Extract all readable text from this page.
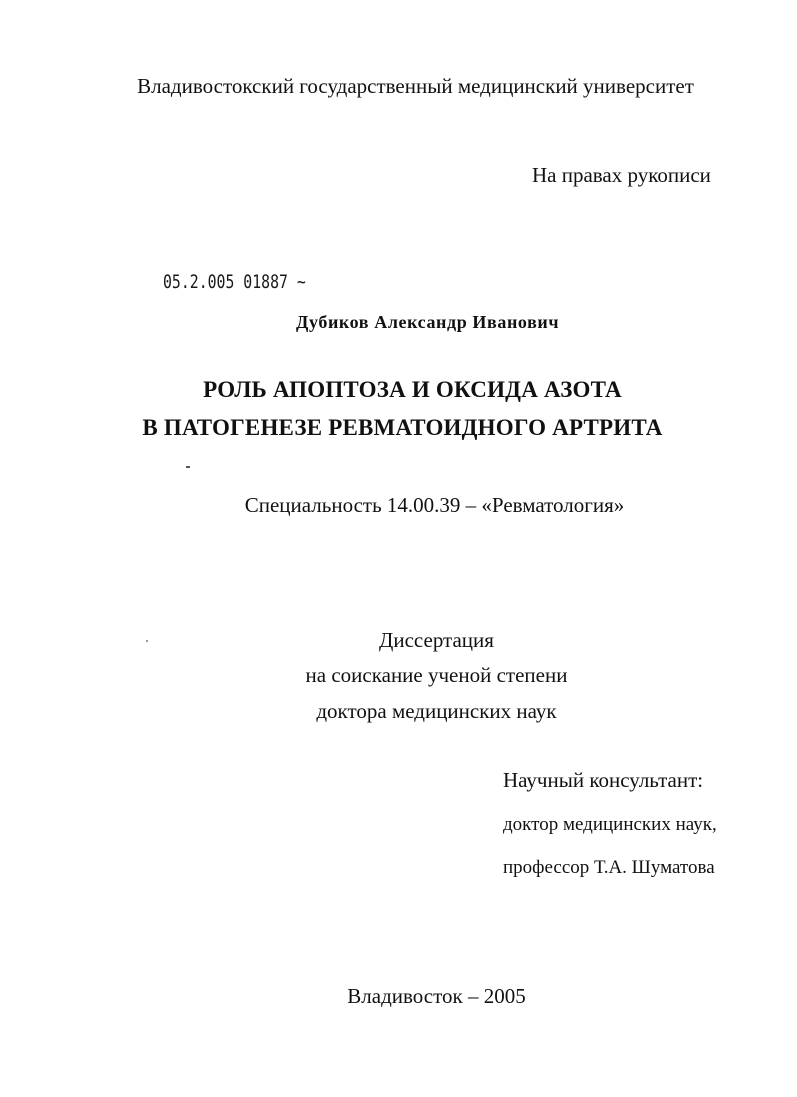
Владивостокский государственный медицинский университет
На правах рукописи
05.2.005 01887 ~
Дубиков Александр Иванович
РОЛЬ АПОПТОЗА И ОКСИДА АЗОТА
В ПАТОГЕНЕЗЕ РЕВМАТОИДНОГО АРТРИТА
Специальность 14.00.39 – «Ревматология»
Диссертация
на соискание ученой степени
доктора медицинских наук
Научный консультант:
доктор медицинских наук,
профессор Т.А. Шуматова
Владивосток – 2005
